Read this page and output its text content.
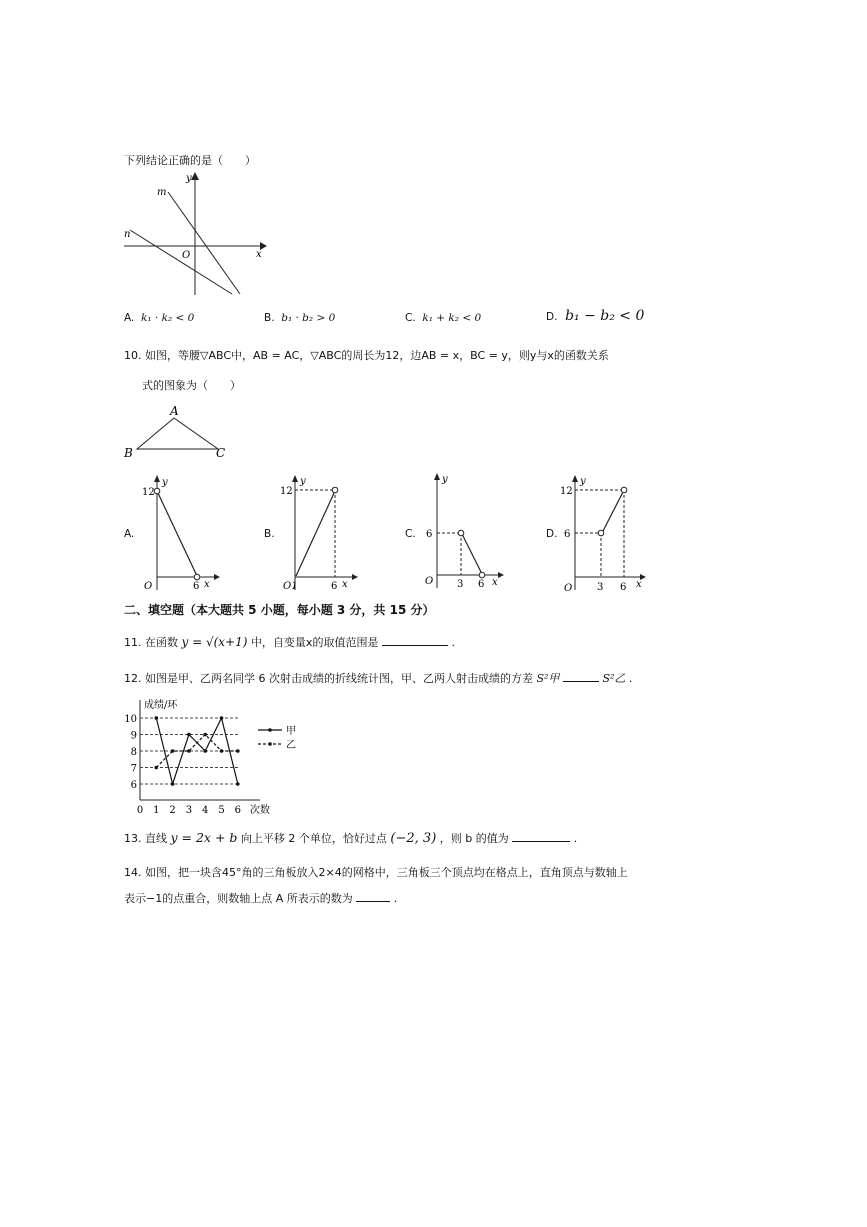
下列结论正确的是（　　）
y
m
n
O	x
A. k₁ · k₂ < 0	B. b₁ · b₂ > 0	C. k₁ + k₂ < 0	D. b₁ − b₂ < 0
10. 如图，等腰▽ABC中，AB = AC，▽ABC的周长为12，边AB = x，BC = y，则y与x的函数关系
式的图象为（　　）
A
B	C
A.
12
y
O	6 x
B.
12
y
O1	6 x
C.
y
6
O 3 6 x
D.
12
y
6
O 3 6 x
二、填空题（本大题共 5 小题，每小题 3 分，共 15 分）
11. 在函数 y = √(x+1) 中，自变量x的取值范围是	.
12. 如图是甲、乙两名同学 6 次射击成绩的折线统计图，甲、乙两人射击成绩的方差 S²甲	S²乙 .
6
7
8
9
10
0 1 2 3 4 5 6
成绩/环
次数
甲
乙
13. 直线 y = 2x + b 向上平移 2 个单位，恰好过点 (−2, 3) ，则 b 的值为	.
14. 如图，把一块含45°角的三角板放入2×4的网格中，三角板三个顶点均在格点上，直角顶点与数轴上
表示−1的点重合，则数轴上点 A 所表示的数为	.
